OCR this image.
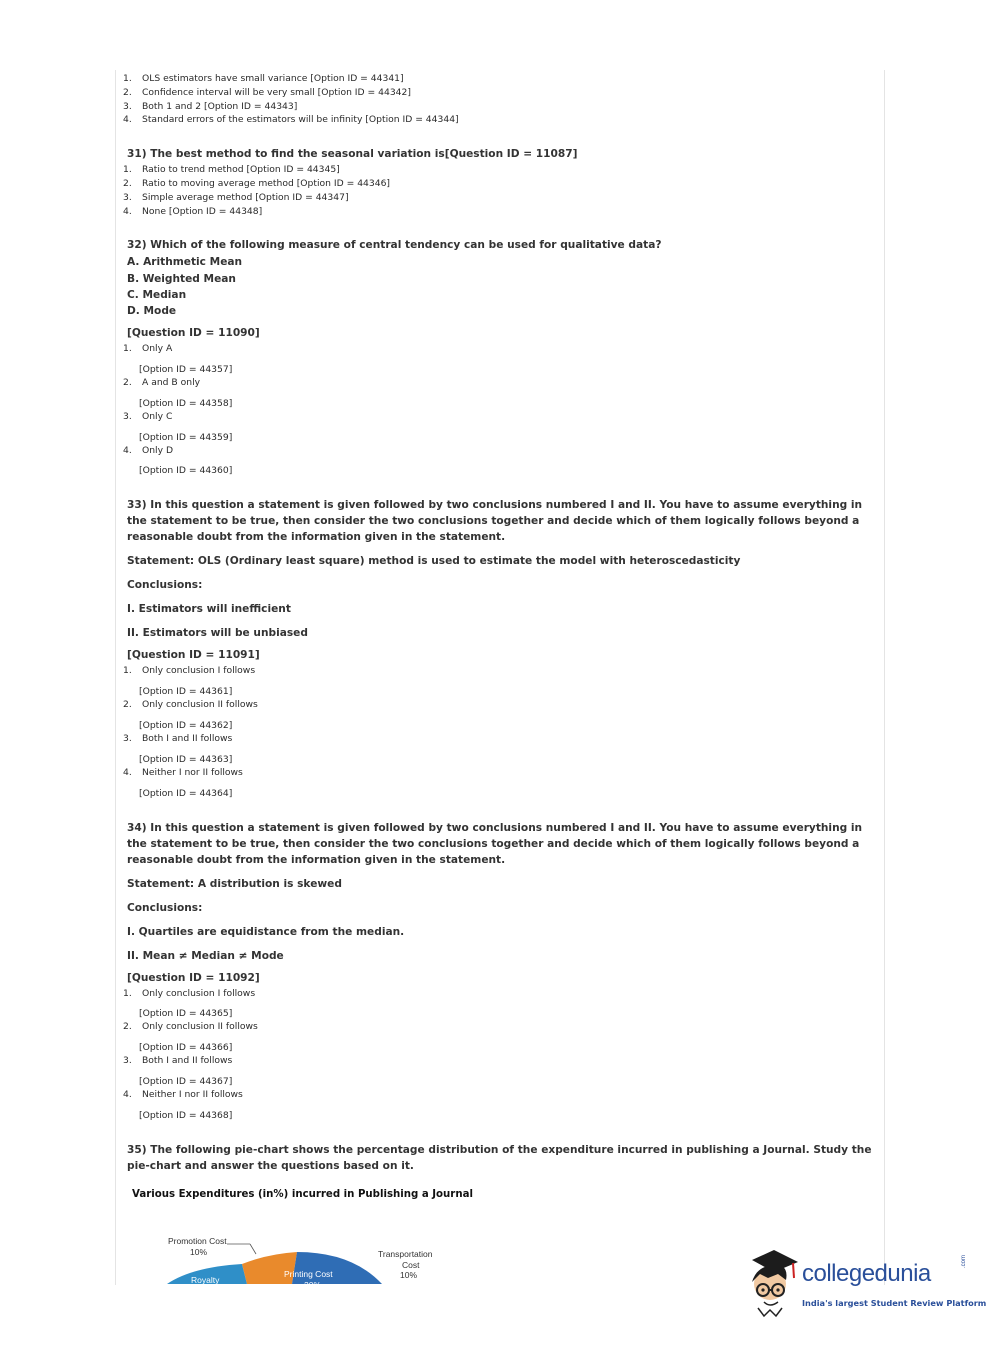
1. OLS estimators have small variance [Option ID = 44341]
2. Confidence interval will be very small [Option ID = 44342]
3. Both 1 and 2 [Option ID = 44343]
4. Standard errors of the estimators will be infinity [Option ID = 44344]
31) The best method to find the seasonal variation is[Question ID = 11087]
1. Ratio to trend method [Option ID = 44345]
2. Ratio to moving average method [Option ID = 44346]
3. Simple average method [Option ID = 44347]
4. None [Option ID = 44348]
32) Which of the following measure of central tendency can be used for qualitative data?
A. Arithmetic Mean
B. Weighted Mean
C. Median
D. Mode
[Question ID = 11090]
1. Only A
[Option ID = 44357]
2. A and B only
[Option ID = 44358]
3. Only C
[Option ID = 44359]
4. Only D
[Option ID = 44360]
33) In this question a statement is given followed by two conclusions numbered I and II. You have to assume everything in the statement to be true, then consider the two conclusions together and decide which of them logically follows beyond a reasonable doubt from the information given in the statement.
Statement: OLS (Ordinary least square) method is used to estimate the model with heteroscedasticity
Conclusions:
I. Estimators will inefficient
II. Estimators will be unbiased
[Question ID = 11091]
1. Only conclusion I follows
[Option ID = 44361]
2. Only conclusion II follows
[Option ID = 44362]
3. Both I and II follows
[Option ID = 44363]
4. Neither I nor II follows
[Option ID = 44364]
34) In this question a statement is given followed by two conclusions numbered I and II. You have to assume everything in the statement to be true, then consider the two conclusions together and decide which of them logically follows beyond a reasonable doubt from the information given in the statement.
Statement: A distribution is skewed
Conclusions:
I. Quartiles are equidistance from the median.
II. Mean ≠ Median ≠ Mode
[Question ID = 11092]
1. Only conclusion I follows
[Option ID = 44365]
2. Only conclusion II follows
[Option ID = 44366]
3. Both I and II follows
[Option ID = 44367]
4. Neither I nor II follows
[Option ID = 44368]
35) The following pie-chart shows the percentage distribution of the expenditure incurred in publishing a Journal. Study the pie-chart and answer the questions based on it.
Various Expenditures (in%) incurred in Publishing a Journal
Promotion Cost
10%	Transportation
Cost
10%
Printing Cost
20%
Royalty	collegedunia	.com
India's largest Student Review Platform
